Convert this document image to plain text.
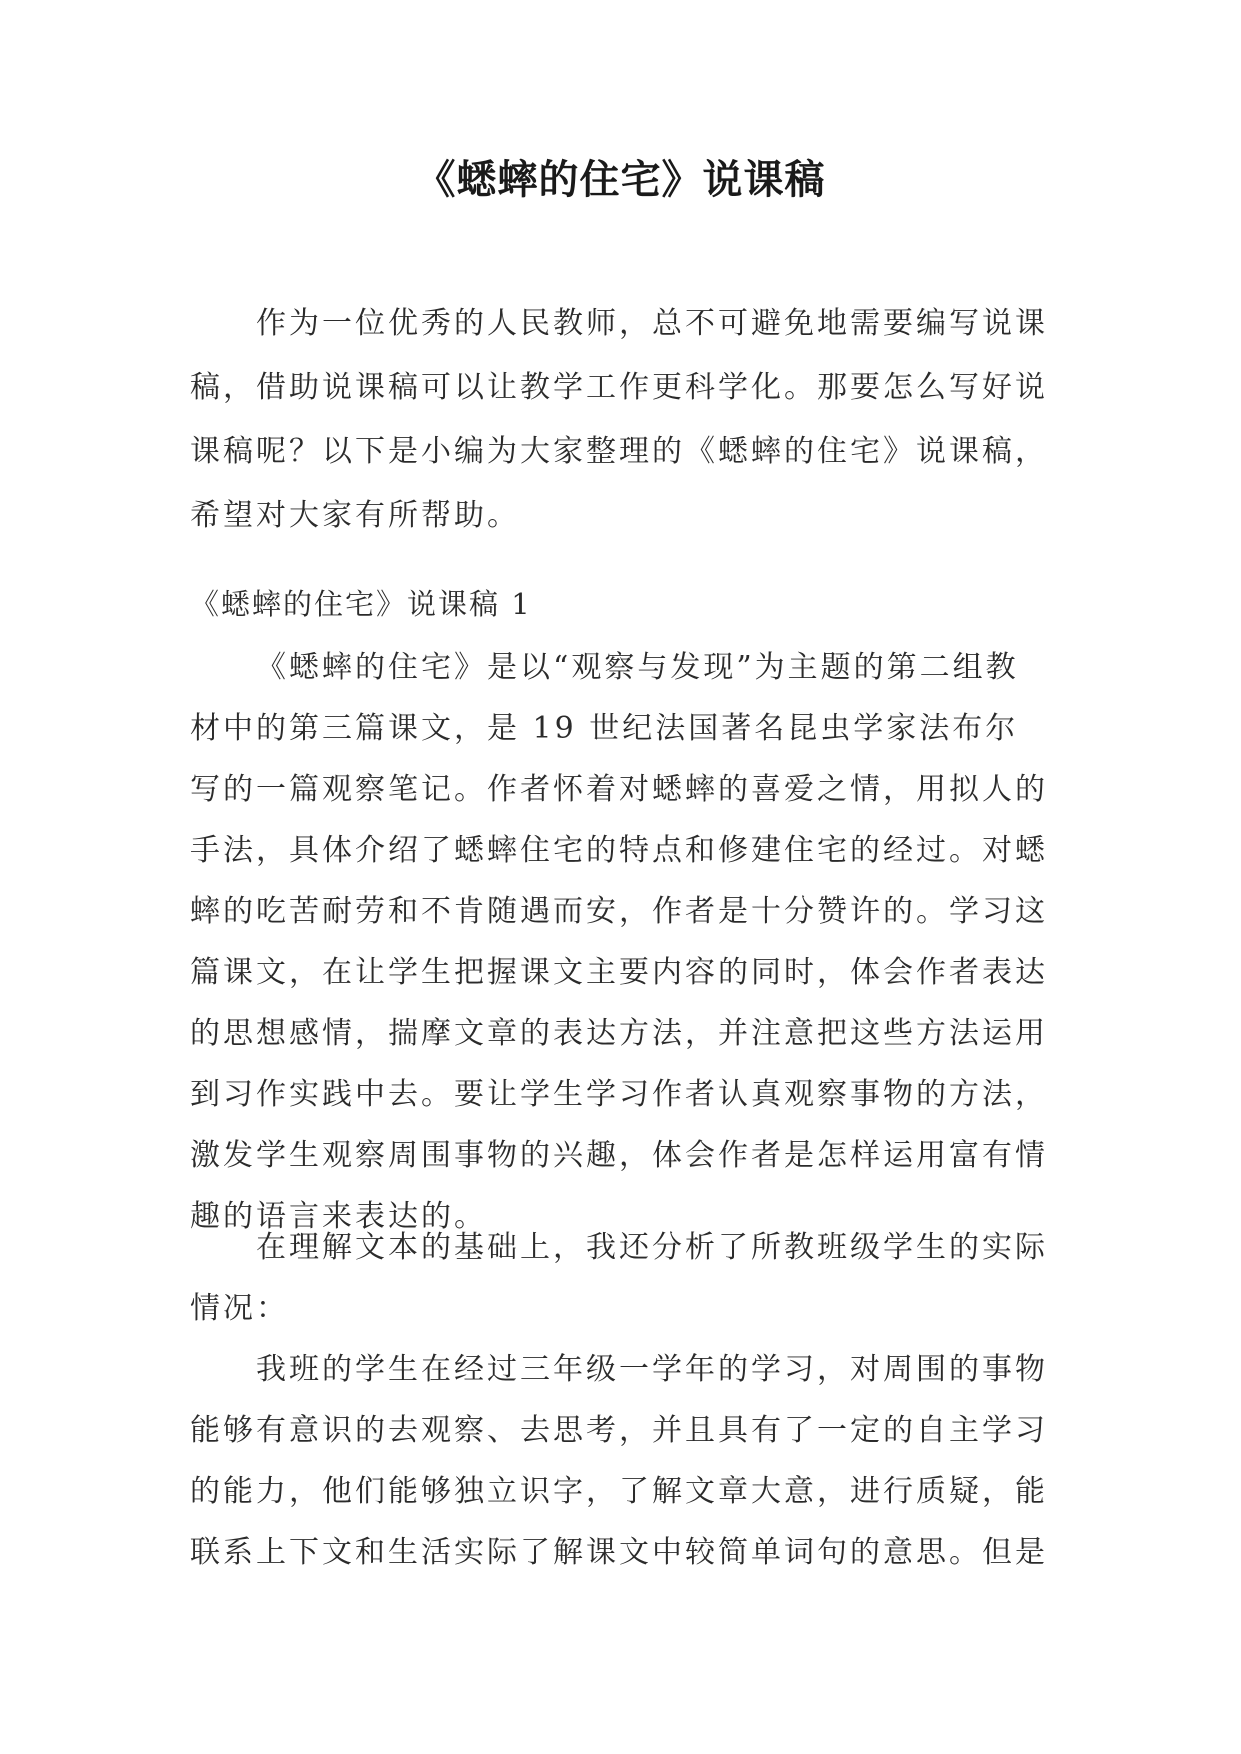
《蟋蟀的住宅》说课稿

作为一位优秀的人民教师，总不可避免地需要编写说课稿，借助说课稿可以让教学工作更科学化。那要怎么写好说课稿呢？以下是小编为大家整理的《蟋蟀的住宅》说课稿，希望对大家有所帮助。

《蟋蟀的住宅》说课稿 1

《蟋蟀的住宅》是以“观察与发现”为主题的第二组教材中的第三篇课文，是 19 世纪法国著名昆虫学家法布尔写的一篇观察笔记。作者怀着对蟋蟀的喜爱之情，用拟人的手法，具体介绍了蟋蟀住宅的特点和修建住宅的经过。对蟋蟀的吃苦耐劳和不肯随遇而安，作者是十分赞许的。学习这篇课文，在让学生把握课文主要内容的同时，体会作者表达的思想感情，揣摩文章的表达方法，并注意把这些方法运用到习作实践中去。要让学生学习作者认真观察事物的方法，激发学生观察周围事物的兴趣，体会作者是怎样运用富有情趣的语言来表达的。

在理解文本的基础上，我还分析了所教班级学生的实际情况：

我班的学生在经过三年级一学年的学习，对周围的事物能够有意识的去观察、去思考，并且具有了一定的自主学习的能力，他们能够独立识字，了解文章大意，进行质疑，能联系上下文和生活实际了解课文中较简单词句的意思。但是
